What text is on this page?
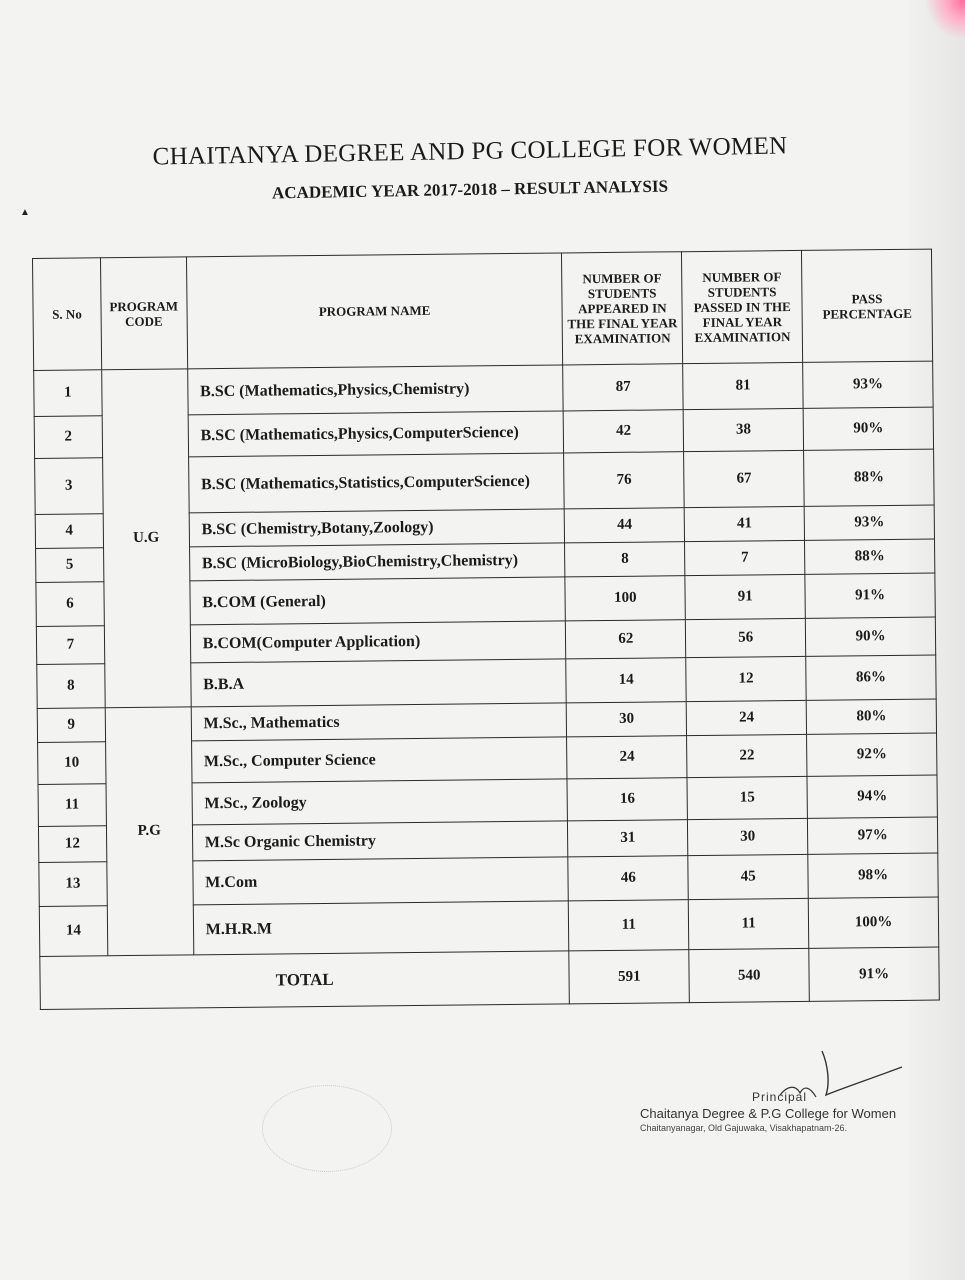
▲
CHAITANYA DEGREE AND PG COLLEGE FOR WOMEN
ACADEMIC YEAR 2017-2018 – RESULT ANALYSIS
S. No	PROGRAM CODE	PROGRAM NAME	NUMBER OF STUDENTS APPEARED IN THE FINAL YEAR EXAMINATION	NUMBER OF STUDENTS PASSED IN THE FINAL YEAR EXAMINATION	PASS PERCENTAGE
1	U.G	B.SC (Mathematics,Physics,Chemistry)	87	81	93%
2		B.SC (Mathematics,Physics,ComputerScience)	42	38	90%
3		B.SC (Mathematics,Statistics,ComputerScience)	76	67	88%
4		B.SC (Chemistry,Botany,Zoology)	44	41	93%
5		B.SC (MicroBiology,BioChemistry,Chemistry)	8	7	88%
6		B.COM (General)	100	91	91%
7		B.COM(Computer Application)	62	56	90%
8		B.B.A	14	12	86%
9	P.G	M.Sc., Mathematics	30	24	80%
10		M.Sc., Computer Science	24	22	92%
11		M.Sc., Zoology	16	15	94%
12		M.Sc Organic Chemistry	31	30	97%
13		M.Com	46	45	98%
14		M.H.R.M	11	11	100%
TOTAL			591	540	91%
Principal
Chaitanya Degree & P.G College for Women
Chaitanyanagar, Old Gajuwaka, Visakhapatnam-26.
